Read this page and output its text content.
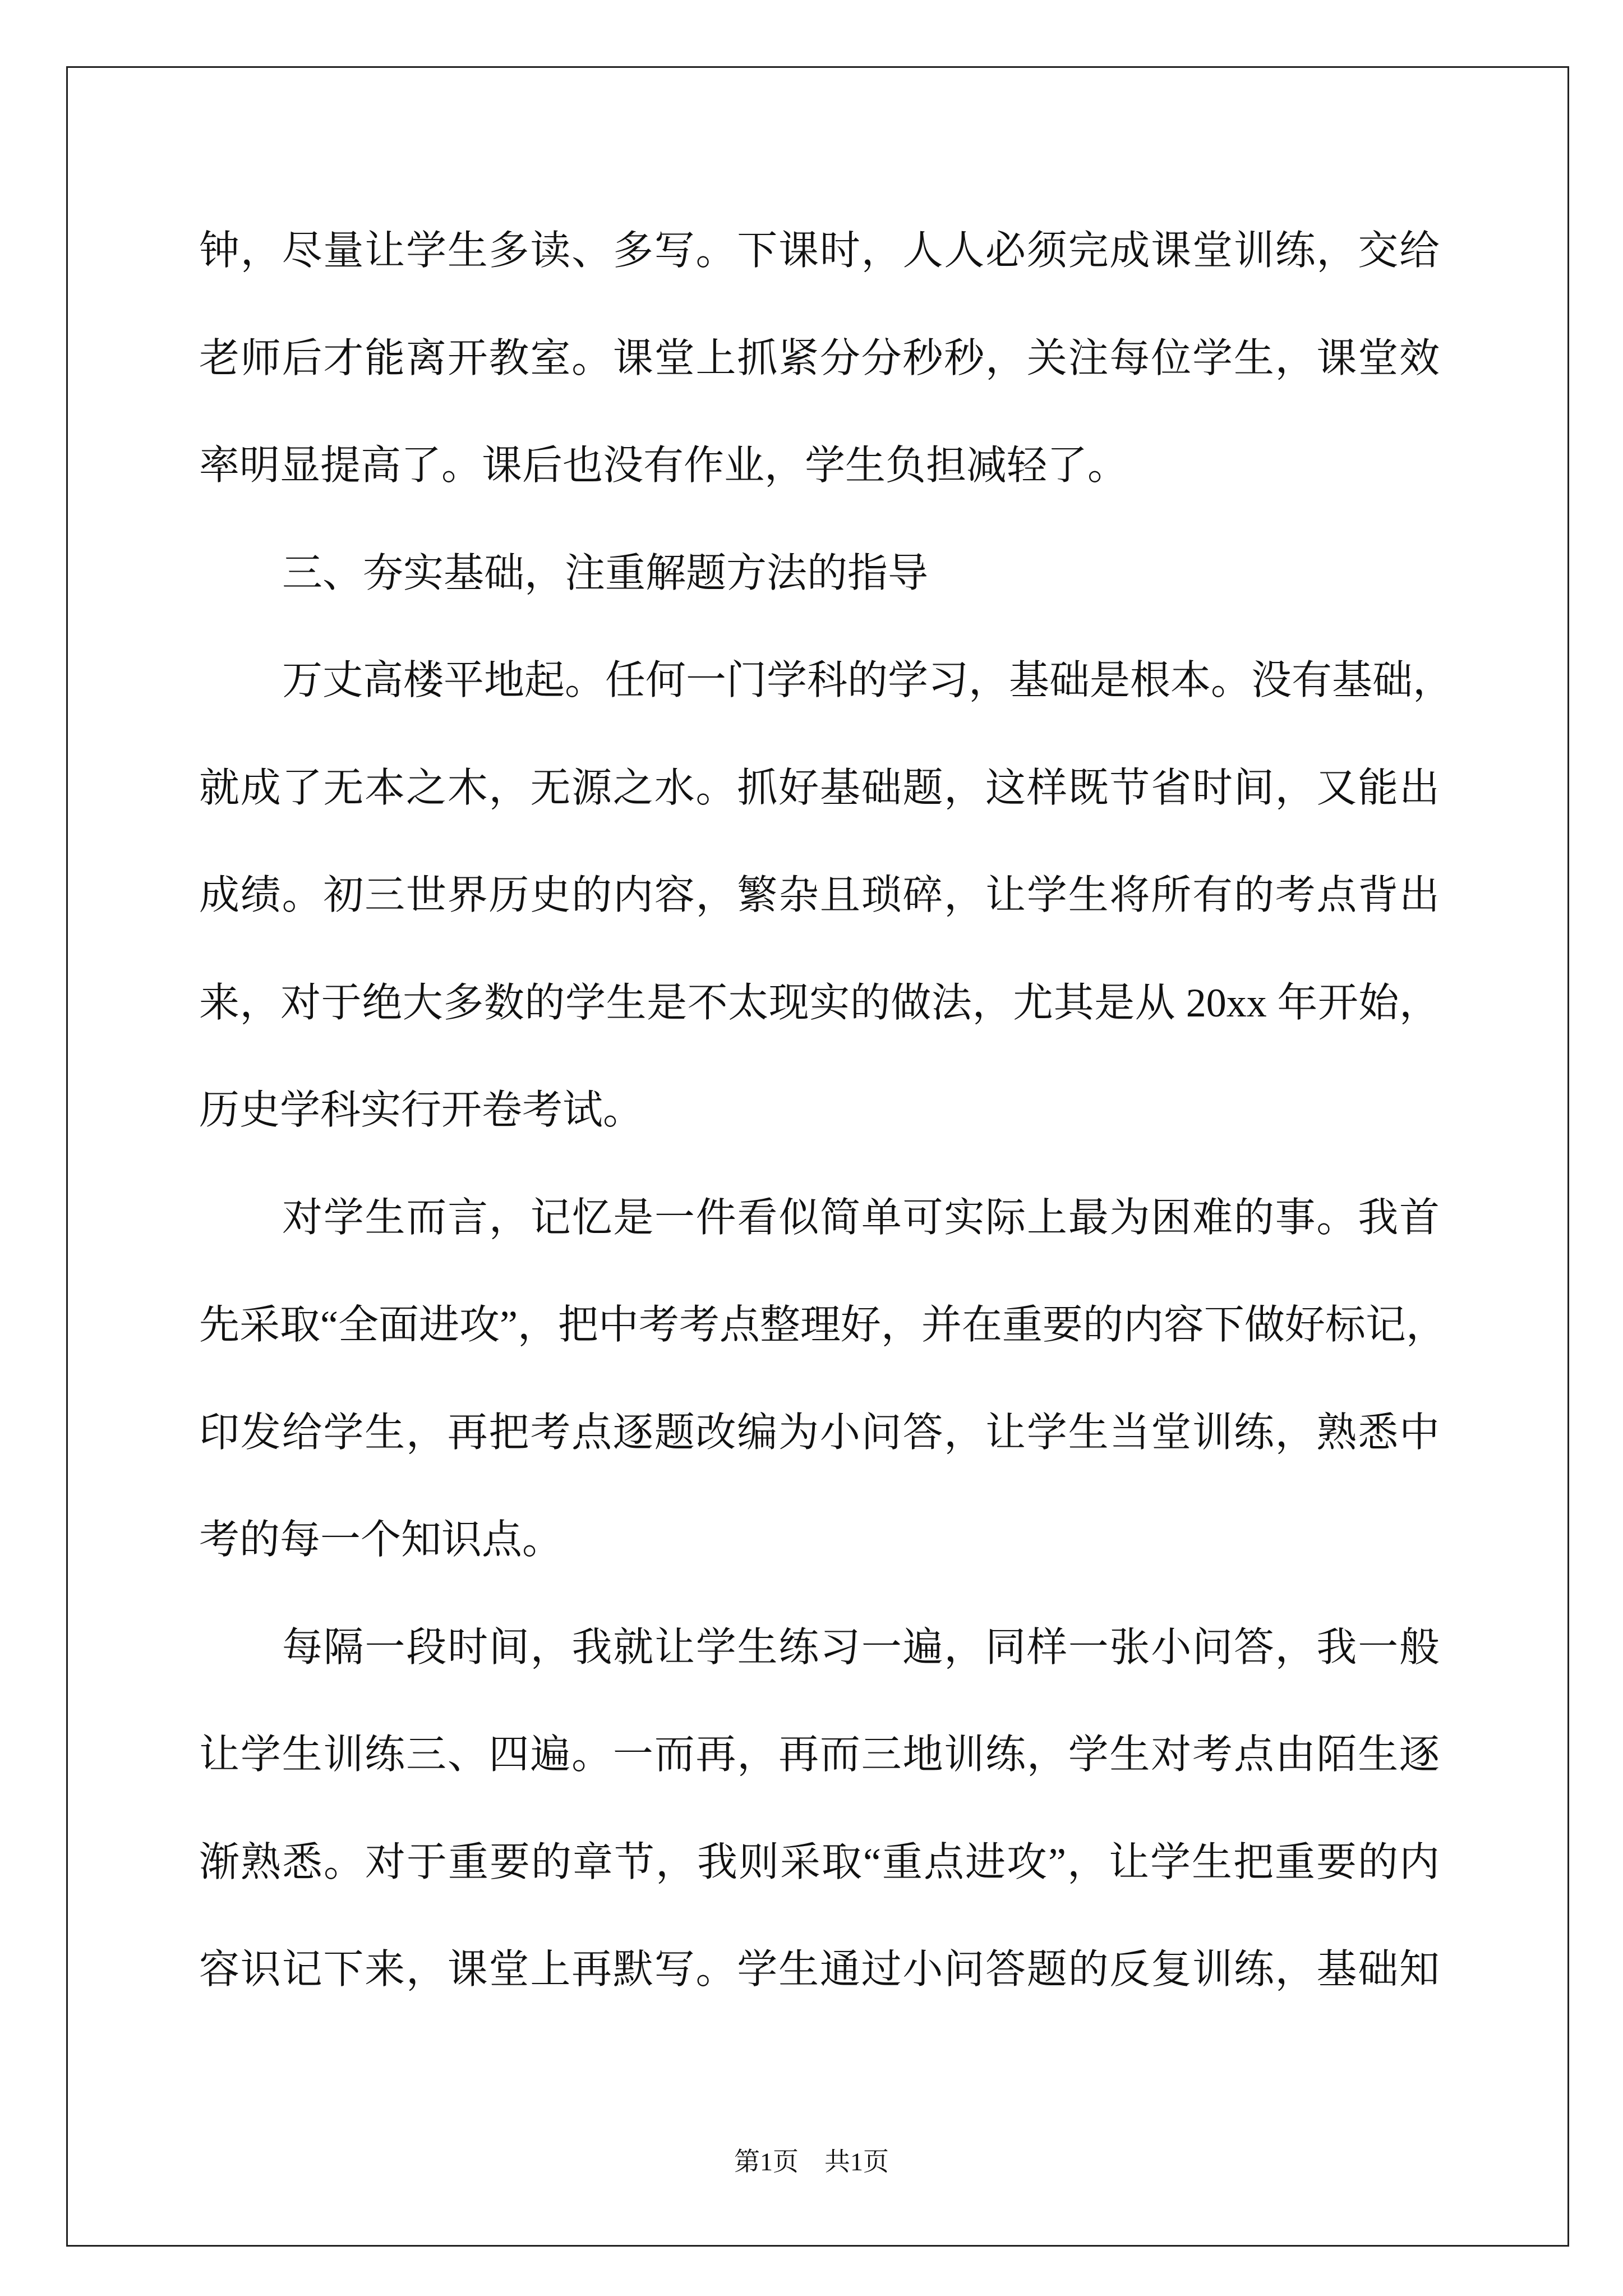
钟，尽量让学生多读、多写。下课时，人人必须完成课堂训练，交给
老师后才能离开教室。课堂上抓紧分分秒秒，关注每位学生，课堂效
率明显提高了。课后也没有作业，学生负担减轻了。
三、夯实基础，注重解题方法的指导
万丈高楼平地起。任何一门学科的学习，基础是根本。没有基础，
就成了无本之木，无源之水。抓好基础题，这样既节省时间，又能出
成绩。初三世界历史的内容，繁杂且琐碎，让学生将所有的考点背出
来，对于绝大多数的学生是不太现实的做法，尤其是从 20xx 年开始，
历史学科实行开卷考试。
对学生而言，记忆是一件看似简单可实际上最为困难的事。我首
先采取“全面进攻”，把中考考点整理好，并在重要的内容下做好标记，
印发给学生，再把考点逐题改编为小问答，让学生当堂训练，熟悉中
考的每一个知识点。
每隔一段时间，我就让学生练习一遍，同样一张小问答，我一般
让学生训练三、四遍。一而再，再而三地训练，学生对考点由陌生逐
渐熟悉。对于重要的章节，我则采取“重点进攻”，让学生把重要的内
容识记下来，课堂上再默写。学生通过小问答题的反复训练，基础知
第1页　共1页
